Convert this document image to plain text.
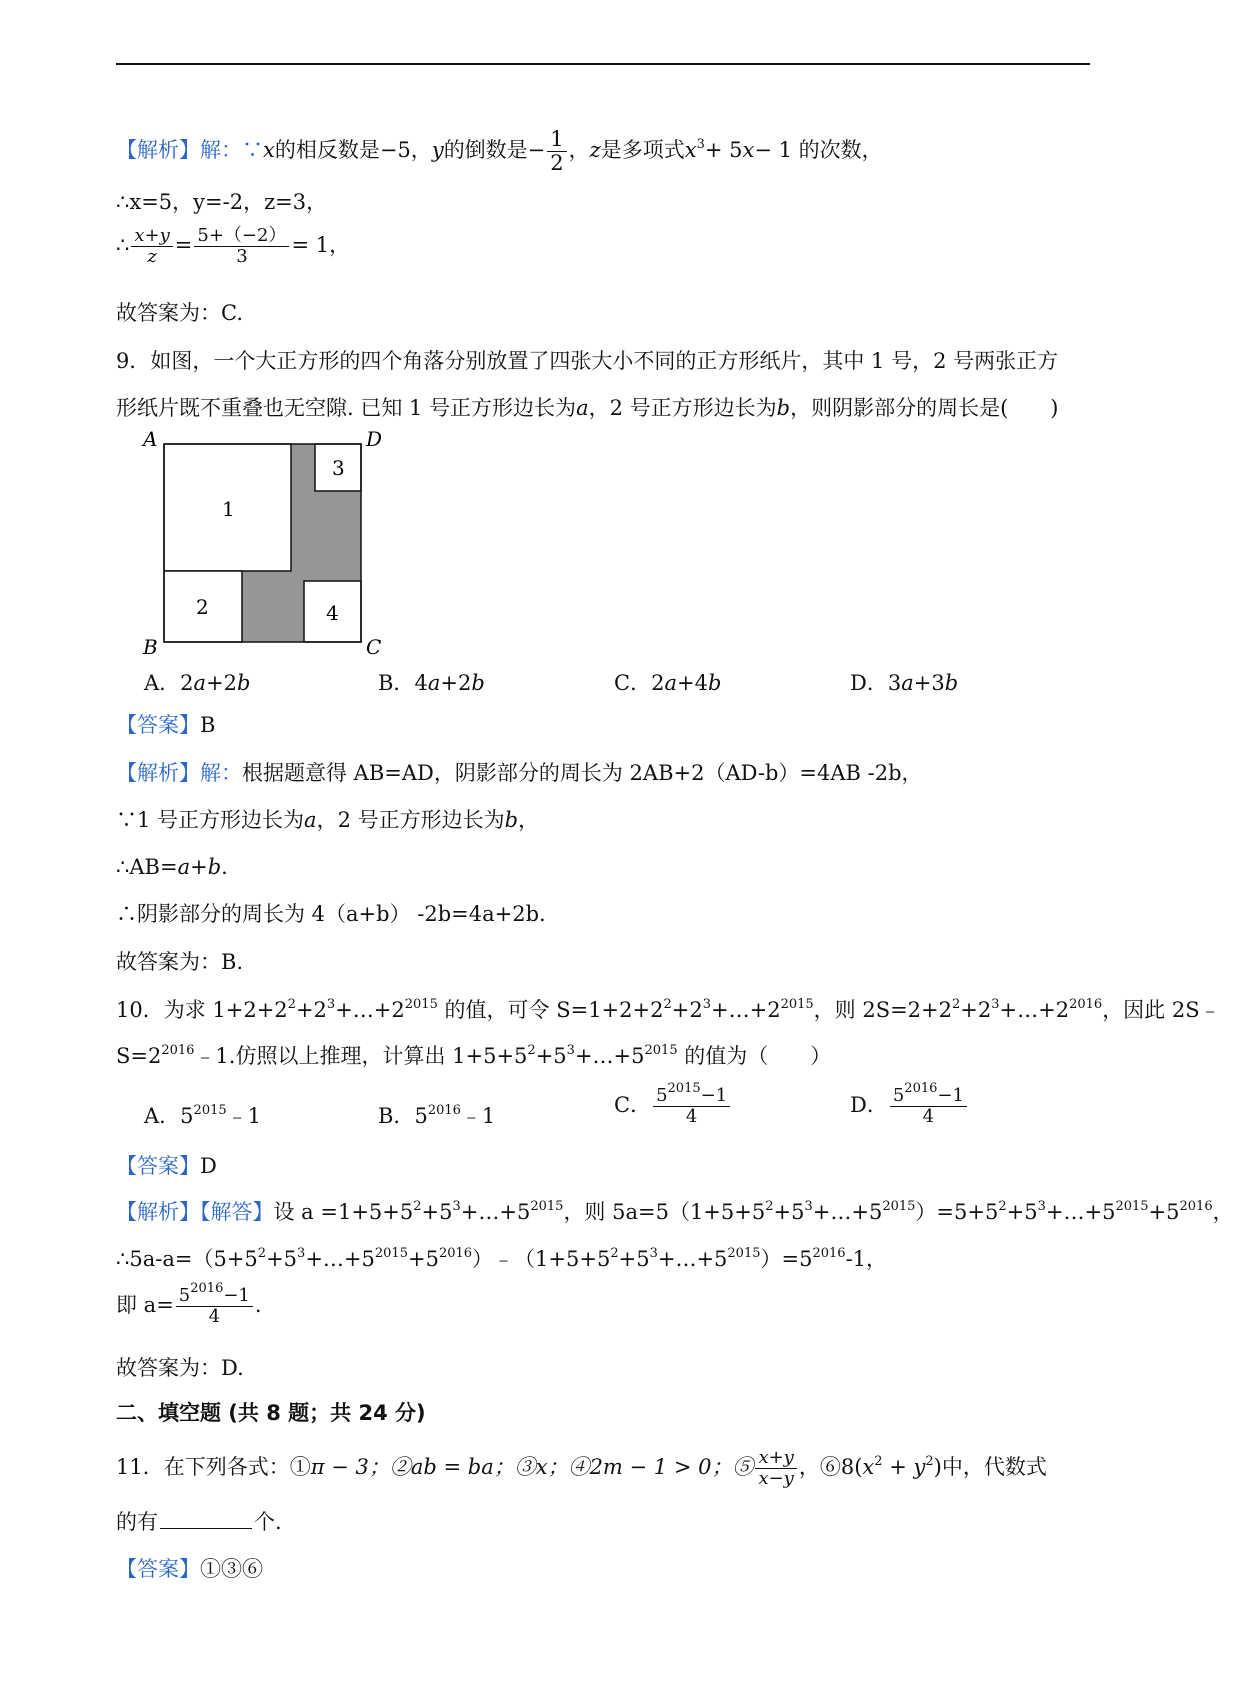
【解析】解：∵x的相反数是−5，y的倒数是− $\frac{1}{2}$ ，z是多项式$x^3+ 5x- 1$ 的次数，
∴x=5，y=-2，z=3，
∴ $\frac{x+y}{z} = \frac{5+(-2)}{3} = 1$，
故答案为：C.
9．如图，一个大正方形的四个角落分别放置了四张大小不同的正方形纸片，其中 1 号，2 号两张正方
形纸片既不重叠也无空隙. 已知 1 号正方形边长为a，2 号正方形边长为b，则阴影部分的周长是(　　)
A	D
B	C
1
2
3
4
A．2a+2b	B．4a+2b	C．2a+4b	D．3a+3b
【答案】B
【解析】解：根据题意得 AB=AD，阴影部分的周长为 2AB+2（AD-b）=4AB -2b，
∵1 号正方形边长为a，2 号正方形边长为b，
∴AB=a+b.
∴阴影部分的周长为 4（a+b） -2b=4a+2b.
故答案为：B.
10．为求 $1+2+2^2+2^3+\dots+2^{2015}$ 的值，可令 $S=1+2+2^2+2^3+\dots+2^{2015}$，则 $2S=2+2^2+2^3+\dots+2^{2016}$，因此 2S﹣
$S=2^{2016}﹣1$.仿照以上推理，计算出 $1+5+5^2+5^3+\dots+5^{2015}$ 的值为（　　）
A．$5^{2015}﹣1$	B．$5^{2016}﹣1$	C． $\frac{5^{2015}-1}{4}$	D． $\frac{5^{2016}-1}{4}$
【答案】D
【解析】【解答】设 $a =1+5+5^2+5^3+\dots+5^{2015}$，则 $5a=5(1+5+5^2+5^3+\dots+5^{2015})=5+5^2+5^3+\dots+5^{2015}+5^{2016}$，
$\therefore 5a-a=(5+5^2+5^3+\dots+5^{2015}+5^{2016})﹣(1+5+5^2+5^3+\dots+5^{2015})=5^{2016}-1$，
即 $a= \frac{5^{2016}-1}{4}$ .
故答案为：D.
二、填空题 (共 8 题；共 24 分)
11．在下列各式：①π − 3；②ab = ba；③x；④2m − 1 > 0；⑤ $\frac{x+y}{x-y}$ ，$⑥8(x^2 + y^2)$中，代数式
的有	个.
【答案】①③⑥
